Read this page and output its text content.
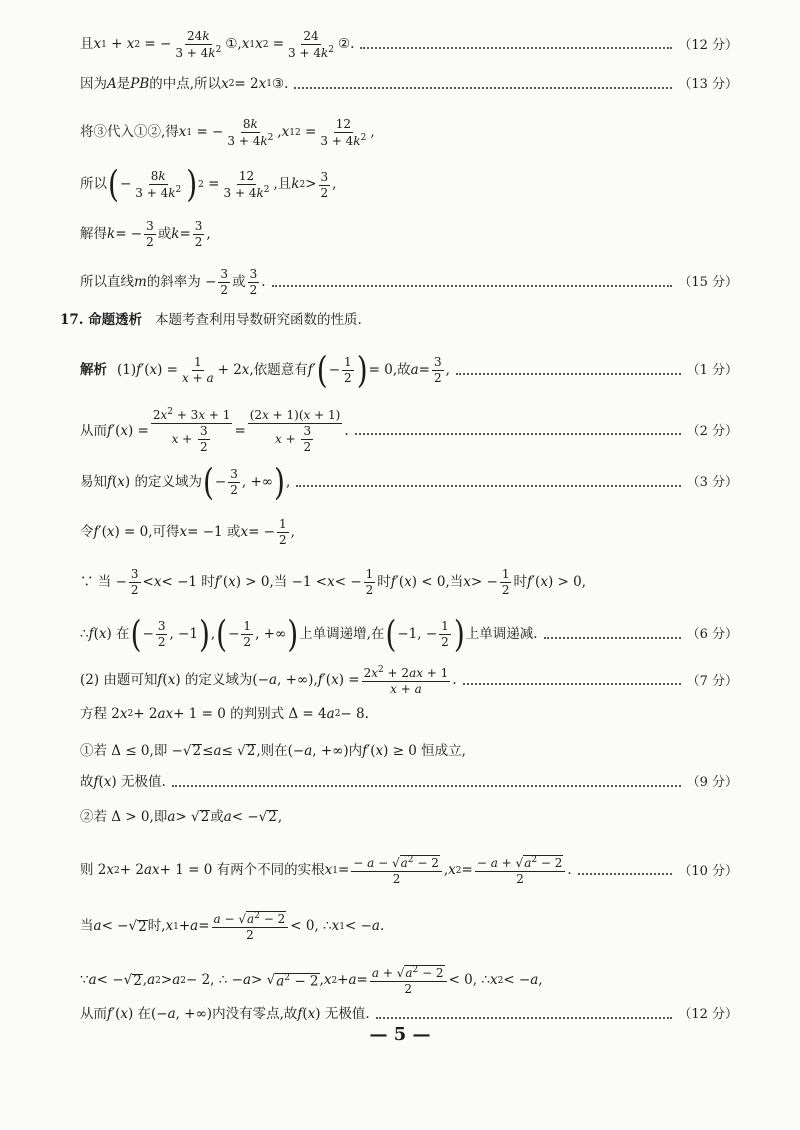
且 x 1 + x 2 = − $\frac{24k}{3 + 4k^2}$ ①, x 1 x $2 = \frac{24}{3 + 4k^2}$ ②.	（12 分）
因为 A 是 PB 的中点,所以 x 2 = 2 x 1 ③.	（13 分）
将③代入①②,得 x 1 = − $\frac{8k}{3 + 4k^2}$ , x 1 $2 = \frac{12}{3 + 4k^2}$ ,
所以 ( − $\frac{8k}{3 + 4k^2}$ ) $2 = \frac{12}{3 + 4k^2}$ ,且 k $2 > \frac{3}{2}$ ,
解得 k = − $\frac{3}{2}$ 或 $k = \frac{3}{2}$ ,
所以直线 m 的斜率为 − $\frac{3}{2}$ 或 $\frac{3}{2}$ .	（15 分）
17. 命题透析 本题考查利用导数研究函数的性质.
解析 (1) f ′( x ) = $\frac{1}{x + a} + 2$ x ,依题意有 f ′ ( − $\frac{1}{2}$ ) = 0,故 $a = \frac{3}{2}$ ,	（1 分）
从而 f ′( x ) = $\frac{2x^2 + 3x + 1}{x + \frac{3}{2}} = \frac{(2x + 1)(x + 1)}{x + \frac{3}{2}}$ .	（2 分）
易知 f ( x ) 的定义域为 ( − $\frac{3}{2}$ , +∞ ) ,	（3 分）
令 f ′( x ) = 0,可得 x = −1 或 x = − $\frac{1}{2}$ ,
∵ 当 − $\frac{3}{2} < x < -1$ 时 f ′( x ) > 0,当 −1 < x < − $\frac{1}{2}$ 时 f ′( x ) < 0,当 x > − $\frac{1}{2}$ 时 f ′( x ) > 0,
∴ f ( x ) 在 ( − $\frac{3}{2}$ , −1 ) , ( − $\frac{1}{2}$ , +∞ ) 上单调递增,在 ( −1, − $\frac{1}{2}$ ) 上单调递减.	（6 分）
(2) 由题可知 f ( x ) 的定义域为(− a , +∞), f ′( x ) = $\frac{2x^2 + 2ax + 1}{x + a}$ .	（7 分）
方程 2 x 2 + 2 ax + 1 = 0 的判别式 Δ = 4 a 2 − 8.
①若 Δ ≤ 0,即 −√ 2 ≤ a ≤ √ 2 ,则在(− a , +∞)内 f ′( x ) ≥ 0 恒成立,
故 f ( x ) 无极值.	（9 分）
②若 Δ > 0,即 a > √ 2 或 a < −√ 2 ,
则 2 x 2 + 2 ax + 1 = 0 有两个不同的实根 x $1 = \frac{- a - √a^2 - 2}{2}$ , x $2 = \frac{- a + √a^2 - 2}{2}$ .	（10 分）
当 a < −√ 2 时, x $1 + a = \frac{a - √a^2 - 2}{2} < 0$, ∴ x 1 < − a .
∵ a < −√ 2 , a 2 > a 2 − 2, ∴ − a > √ $a^2 - 2$ , x $2 + a = \frac{a + √a^2 - 2}{2} < 0$, ∴ x 2 < − a ,
从而 f ′( x ) 在(− a , +∞)内没有零点,故 f ( x ) 无极值.	（12 分）
— 5 —
